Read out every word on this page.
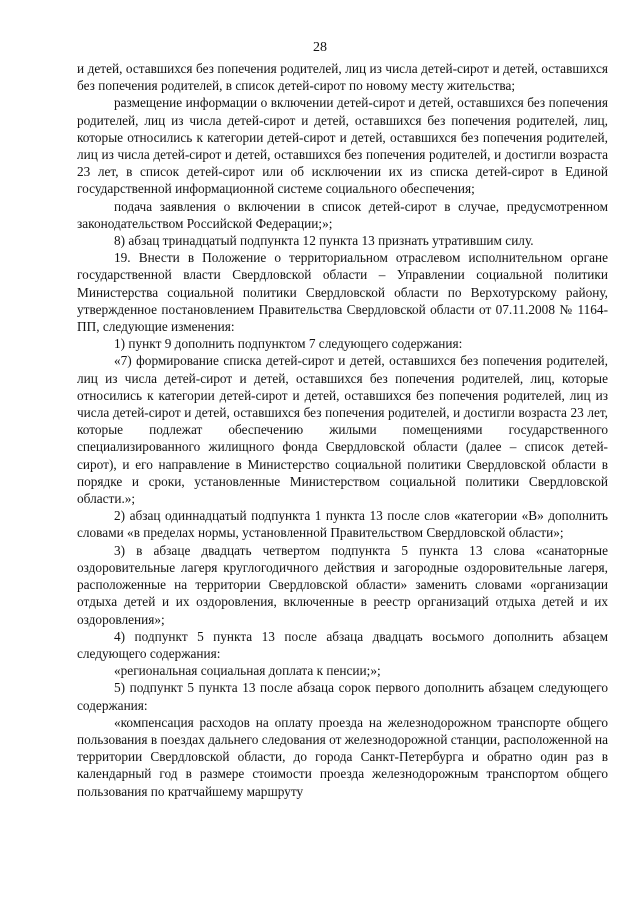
28

и детей, оставшихся без попечения родителей, лиц из числа детей-сирот и детей, оставшихся без попечения родителей, в список детей-сирот по новому месту жительства;

размещение информации о включении детей-сирот и детей, оставшихся без попечения родителей, лиц из числа детей-сирот и детей, оставшихся без попечения родителей, лиц, которые относились к категории детей-сирот и детей, оставшихся без попечения родителей, лиц из числа детей-сирот и детей, оставшихся без попечения родителей, и достигли возраста 23 лет, в список детей-сирот или об исключении их из списка детей-сирот в Единой государственной информационной системе социального обеспечения;

подача заявления о включении в список детей-сирот в случае, предусмотренном законодательством Российской Федерации;»;

8) абзац тринадцатый подпункта 12 пункта 13 признать утратившим силу.

19. Внести в Положение о территориальном отраслевом исполнительном органе государственной власти Свердловской области – Управлении социальной политики Министерства социальной политики Свердловской области по Верхотурскому району, утвержденное постановлением Правительства Свердловской области от 07.11.2008 № 1164-ПП, следующие изменения:

1) пункт 9 дополнить подпунктом 7 следующего содержания:

«7) формирование списка детей-сирот и детей, оставшихся без попечения родителей, лиц из числа детей-сирот и детей, оставшихся без попечения родителей, лиц, которые относились к категории детей-сирот и детей, оставшихся без попечения родителей, лиц из числа детей-сирот и детей, оставшихся без попечения родителей, и достигли возраста 23 лет, которые подлежат обеспечению жилыми помещениями государственного специализированного жилищного фонда Свердловской области (далее – список детей-сирот), и его направление в Министерство социальной политики Свердловской области в порядке и сроки, установленные Министерством социальной политики Свердловской области.»;

2) абзац одиннадцатый подпункта 1 пункта 13 после слов «категории «В» дополнить словами «в пределах нормы, установленной Правительством Свердловской области»;

3) в абзаце двадцать четвертом подпункта 5 пункта 13 слова «санаторные оздоровительные лагеря круглогодичного действия и загородные оздоровительные лагеря, расположенные на территории Свердловской области» заменить словами «организации отдыха детей и их оздоровления, включенные в реестр организаций отдыха детей и их оздоровления»;

4) подпункт 5 пункта 13 после абзаца двадцать восьмого дополнить абзацем следующего содержания:

«региональная социальная доплата к пенсии;»;

5) подпункт 5 пункта 13 после абзаца сорок первого дополнить абзацем следующего содержания:

«компенсация расходов на оплату проезда на железнодорожном транспорте общего пользования в поездах дальнего следования от железнодорожной станции, расположенной на территории Свердловской области, до города Санкт-Петербурга и обратно один раз в календарный год в размере стоимости проезда железнодорожным транспортом общего пользования по кратчайшему маршруту
